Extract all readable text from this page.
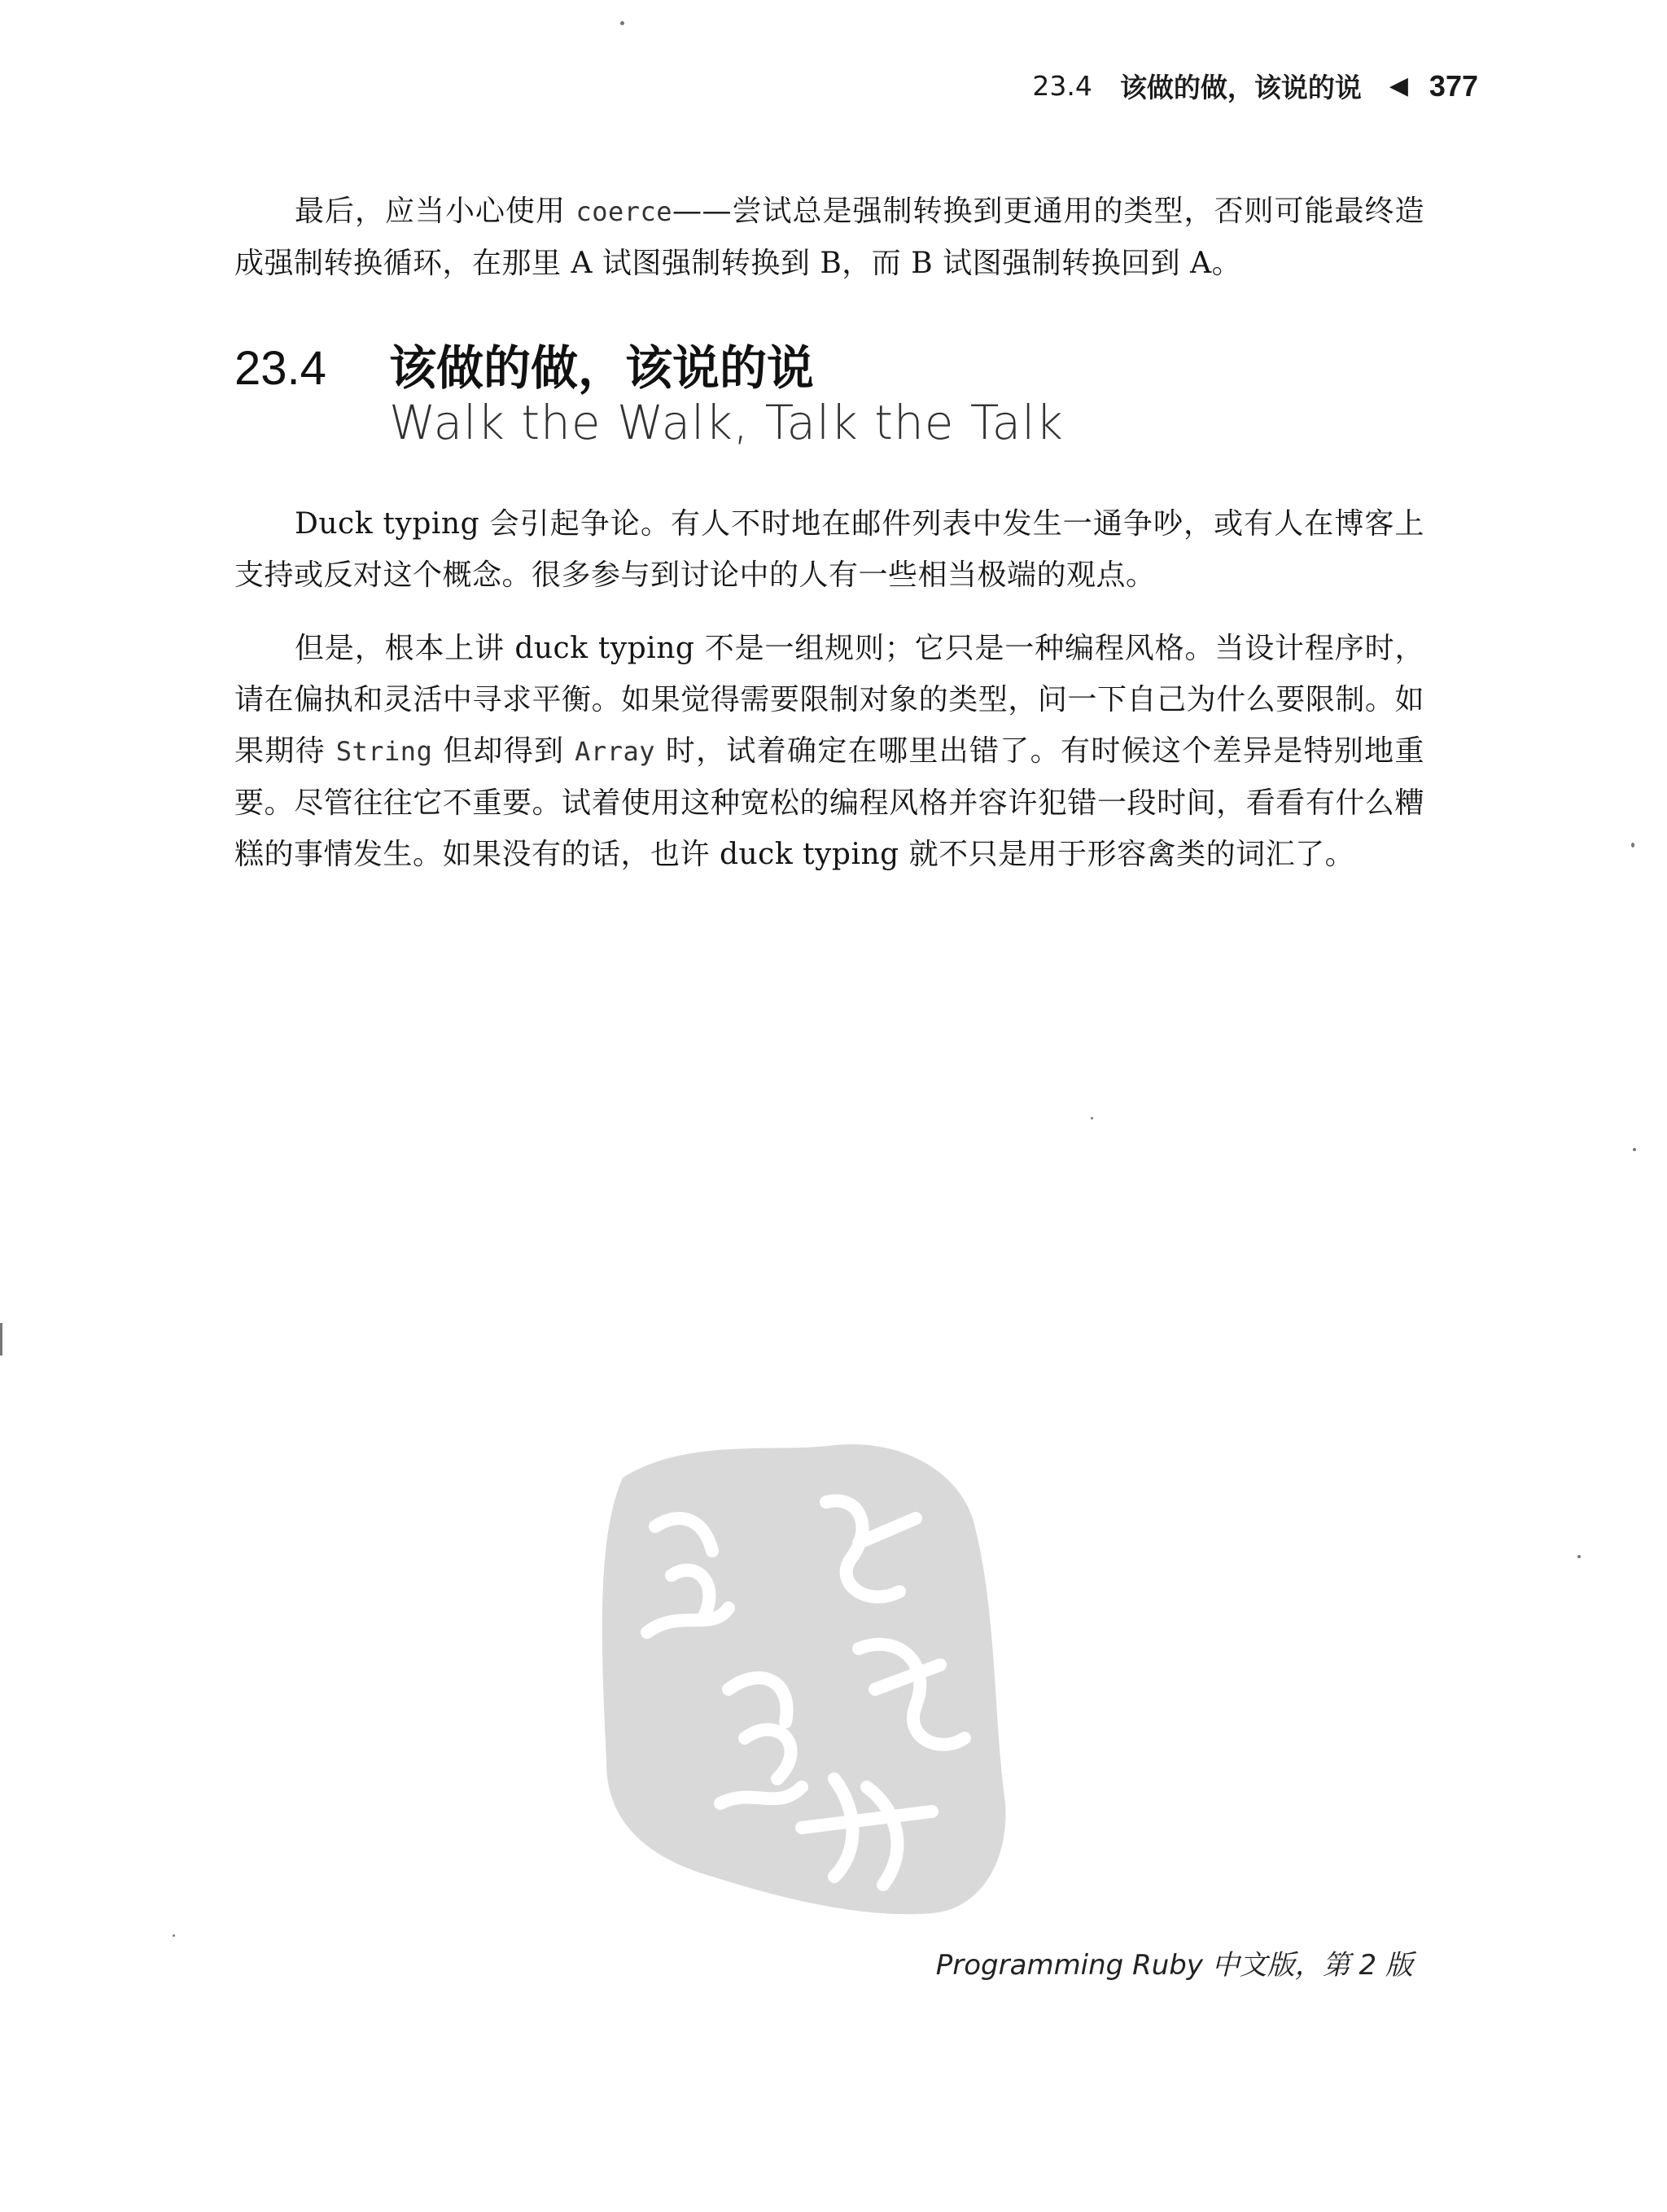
23.4 该做的做，该说的说 ◀ 377

最后，应当小心使用 coerce——尝试总是强制转换到更通用的类型，否则可能最终造成强制转换循环，在那里 A 试图强制转换到 B，而 B 试图强制转换回到 A。

23.4 该做的做，该说的说
Walk the Walk, Talk the Talk

Duck typing 会引起争论。有人不时地在邮件列表中发生一通争吵，或有人在博客上支持或反对这个概念。很多参与到讨论中的人有一些相当极端的观点。

但是，根本上讲 duck typing 不是一组规则；它只是一种编程风格。当设计程序时，请在偏执和灵活中寻求平衡。如果觉得需要限制对象的类型，问一下自己为什么要限制。如果期待 String 但却得到 Array 时，试着确定在哪里出错了。有时候这个差异是特别地重要。尽管往往它不重要。试着使用这种宽松的编程风格并容许犯错一段时间，看看有什么糟糕的事情发生。如果没有的话，也许 duck typing 就不只是用于形容禽类的词汇了。

Programming Ruby 中文版，第 2 版
